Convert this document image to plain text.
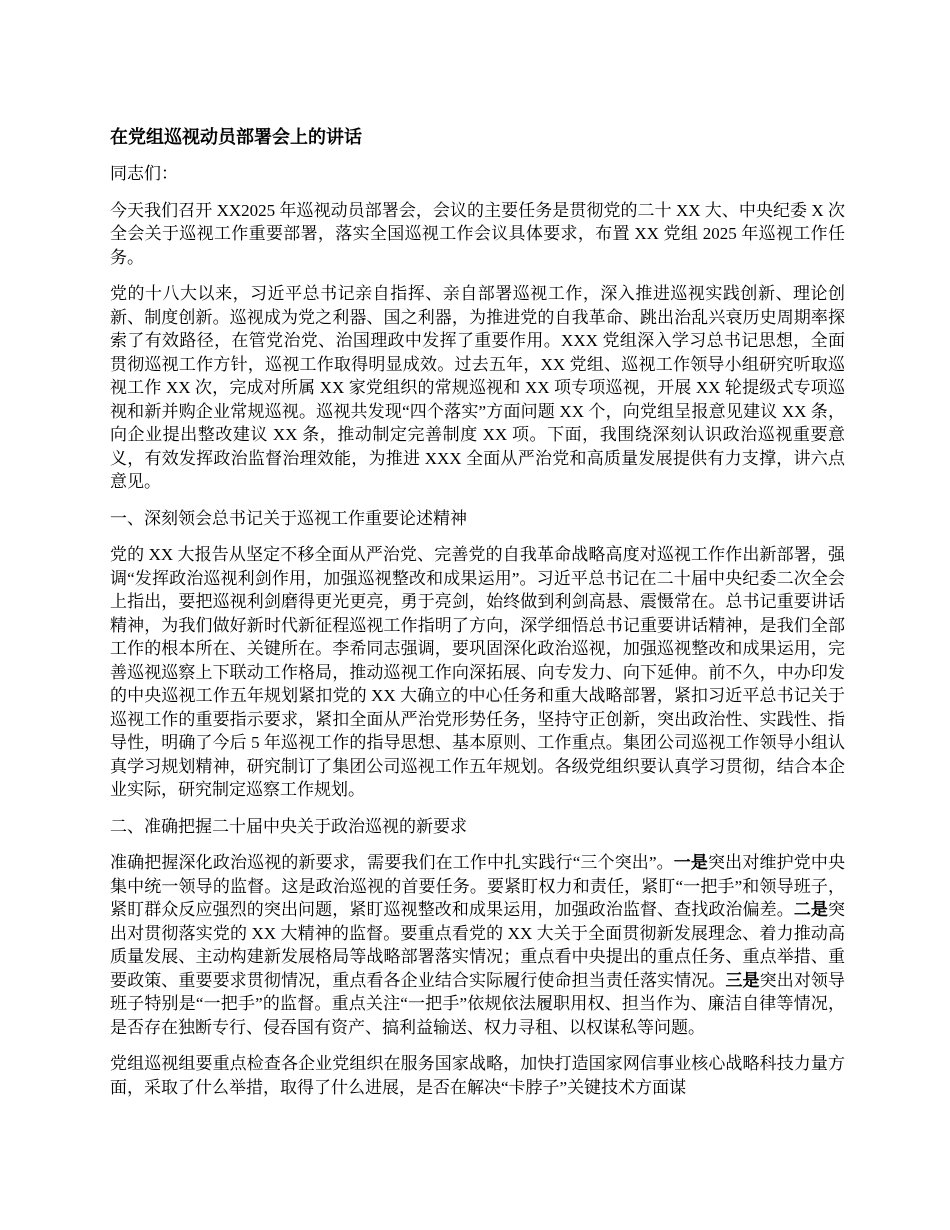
在党组巡视动员部署会上的讲话

同志们：

今天我们召开 XX2025 年巡视动员部署会，会议的主要任务是贯彻党的二十 XX 大、中央纪委 X 次全会关于巡视工作重要部署，落实全国巡视工作会议具体要求，布置 XX 党组 2025 年巡视工作任务。

党的十八大以来，习近平总书记亲自指挥、亲自部署巡视工作，深入推进巡视实践创新、理论创新、制度创新。巡视成为党之利器、国之利器，为推进党的自我革命、跳出治乱兴衰历史周期率探索了有效路径，在管党治党、治国理政中发挥了重要作用。XXX 党组深入学习总书记思想，全面贯彻巡视工作方针，巡视工作取得明显成效。过去五年，XX 党组、巡视工作领导小组研究听取巡视工作 XX 次，完成对所属 XX 家党组织的常规巡视和 XX 项专项巡视，开展 XX 轮提级式专项巡视和新并购企业常规巡视。巡视共发现“四个落实”方面问题 XX 个，向党组呈报意见建议 XX 条，向企业提出整改建议 XX 条，推动制定完善制度 XX 项。下面，我围绕深刻认识政治巡视重要意义，有效发挥政治监督治理效能，为推进 XXX 全面从严治党和高质量发展提供有力支撑，讲六点意见。

一、深刻领会总书记关于巡视工作重要论述精神

党的 XX 大报告从坚定不移全面从严治党、完善党的自我革命战略高度对巡视工作作出新部署，强调“发挥政治巡视利剑作用，加强巡视整改和成果运用”。习近平总书记在二十届中央纪委二次全会上指出，要把巡视利剑磨得更光更亮，勇于亮剑，始终做到利剑高悬、震慑常在。总书记重要讲话精神，为我们做好新时代新征程巡视工作指明了方向，深学细悟总书记重要讲话精神，是我们全部工作的根本所在、关键所在。李希同志强调，要巩固深化政治巡视，加强巡视整改和成果运用，完善巡视巡察上下联动工作格局，推动巡视工作向深拓展、向专发力、向下延伸。前不久，中办印发的中央巡视工作五年规划紧扣党的 XX 大确立的中心任务和重大战略部署，紧扣习近平总书记关于巡视工作的重要指示要求，紧扣全面从严治党形势任务，坚持守正创新，突出政治性、实践性、指导性，明确了今后 5 年巡视工作的指导思想、基本原则、工作重点。集团公司巡视工作领导小组认真学习规划精神，研究制订了集团公司巡视工作五年规划。各级党组织要认真学习贯彻，结合本企业实际，研究制定巡察工作规划。

二、准确把握二十届中央关于政治巡视的新要求

准确把握深化政治巡视的新要求，需要我们在工作中扎实践行“三个突出”。一是突出对维护党中央集中统一领导的监督。这是政治巡视的首要任务。要紧盯权力和责任，紧盯“一把手”和领导班子，紧盯群众反应强烈的突出问题，紧盯巡视整改和成果运用，加强政治监督、查找政治偏差。二是突出对贯彻落实党的 XX 大精神的监督。要重点看党的 XX 大关于全面贯彻新发展理念、着力推动高质量发展、主动构建新发展格局等战略部署落实情况；重点看中央提出的重点任务、重点举措、重要政策、重要要求贯彻情况，重点看各企业结合实际履行使命担当责任落实情况。三是突出对领导班子特别是“一把手”的监督。重点关注“一把手”依规依法履职用权、担当作为、廉洁自律等情况，是否存在独断专行、侵吞国有资产、搞利益输送、权力寻租、以权谋私等问题。

党组巡视组要重点检查各企业党组织在服务国家战略，加快打造国家网信事业核心战略科技力量方面，采取了什么举措，取得了什么进展，是否在解决“卡脖子”关键技术方面谋
